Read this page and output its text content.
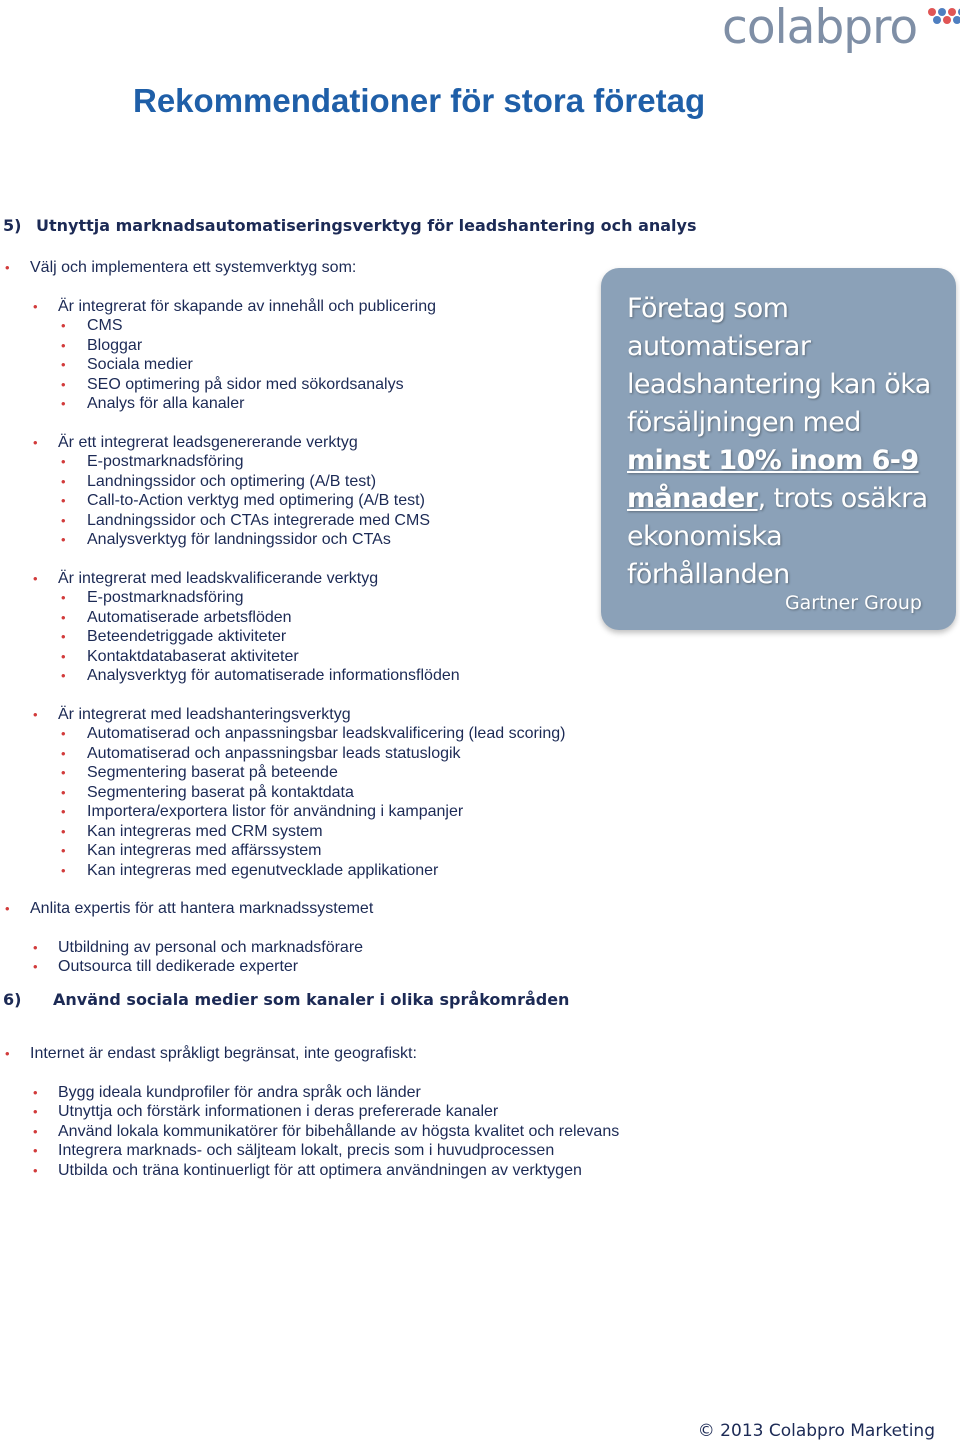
colabpro
Rekommendationer för stora företag
5) Utnyttja marknadsautomatiseringsverktyg för leadshantering och analys
• Välj och implementera ett systemverktyg som:
• Är integrerat för skapande av innehåll och publicering
• CMS
• Bloggar
• Sociala medier
• SEO optimering på sidor med sökordsanalys
• Analys för alla kanaler
• Är ett integrerat leadsgenererande verktyg
• E-postmarknadsföring
• Landningssidor och optimering (A/B test)
• Call-to-Action verktyg med optimering (A/B test)
• Landningssidor och CTAs integrerade med CMS
• Analysverktyg för landningssidor och CTAs
• Är integrerat med leadskvalificerande verktyg
• E-postmarknadsföring
• Automatiserade arbetsflöden
• Beteendetriggade aktiviteter
• Kontaktdatabaserat aktiviteter
• Analysverktyg för automatiserade informationsflöden
• Är integrerat med leadshanteringsverktyg
• Automatiserad och anpassningsbar leadskvalificering (lead scoring)
• Automatiserad och anpassningsbar leads statuslogik
• Segmentering baserat på beteende
• Segmentering baserat på kontaktdata
• Importera/exportera listor för användning i kampanjer
• Kan integreras med CRM system
• Kan integreras med affärssystem
• Kan integreras med egenutvecklade applikationer
• Anlita expertis för att hantera marknadssystemet
• Utbildning av personal och marknadsförare
• Outsourca till dedikerade experter
6) Använd sociala medier som kanaler i olika språkområden
• Internet är endast språkligt begränsat, inte geografiskt:
• Bygg ideala kundprofiler för andra språk och länder
• Utnyttja och förstärk informationen i deras prefererade kanaler
• Använd lokala kommunikatörer för bibehållande av högsta kvalitet och relevans
• Integrera marknads- och säljteam lokalt, precis som i huvudprocessen
• Utbilda och träna kontinuerligt för att optimera användningen av verktygen
Företag som automatiserar leadshantering kan öka försäljningen med minst 10% inom 6-9 månader, trots osäkra ekonomiska förhållanden
Gartner Group
© 2013 Colabpro Marketing
